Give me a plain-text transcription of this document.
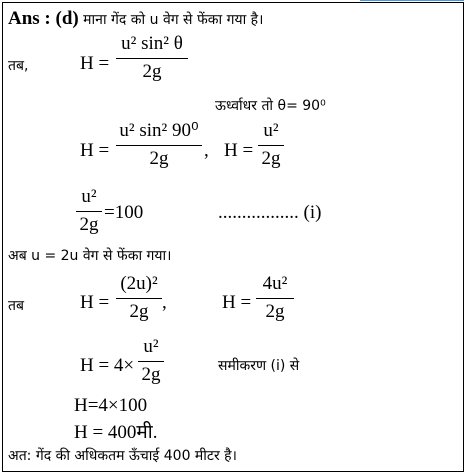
Ans : (d) माना गेंद को u वेग से फेंका गया है।
तब,	H =
u² sin² θ
2g
ऊर्ध्वाधर तो θ= 90⁰
H =
u² sin² 90⁰
2g	, H =
u²
2g
u²
2g
=100	................. (i)
अब u = 2u वेग से फेंका गया।
तब	H =
(2u)²
2g ,	H =
4u²
2g
H = 4×
u²
2g	समीकरण (i) से
H=4×100
H = 400मी.
अत: गेंद की अधिकतम ऊँचाई 400 मीटर है।
